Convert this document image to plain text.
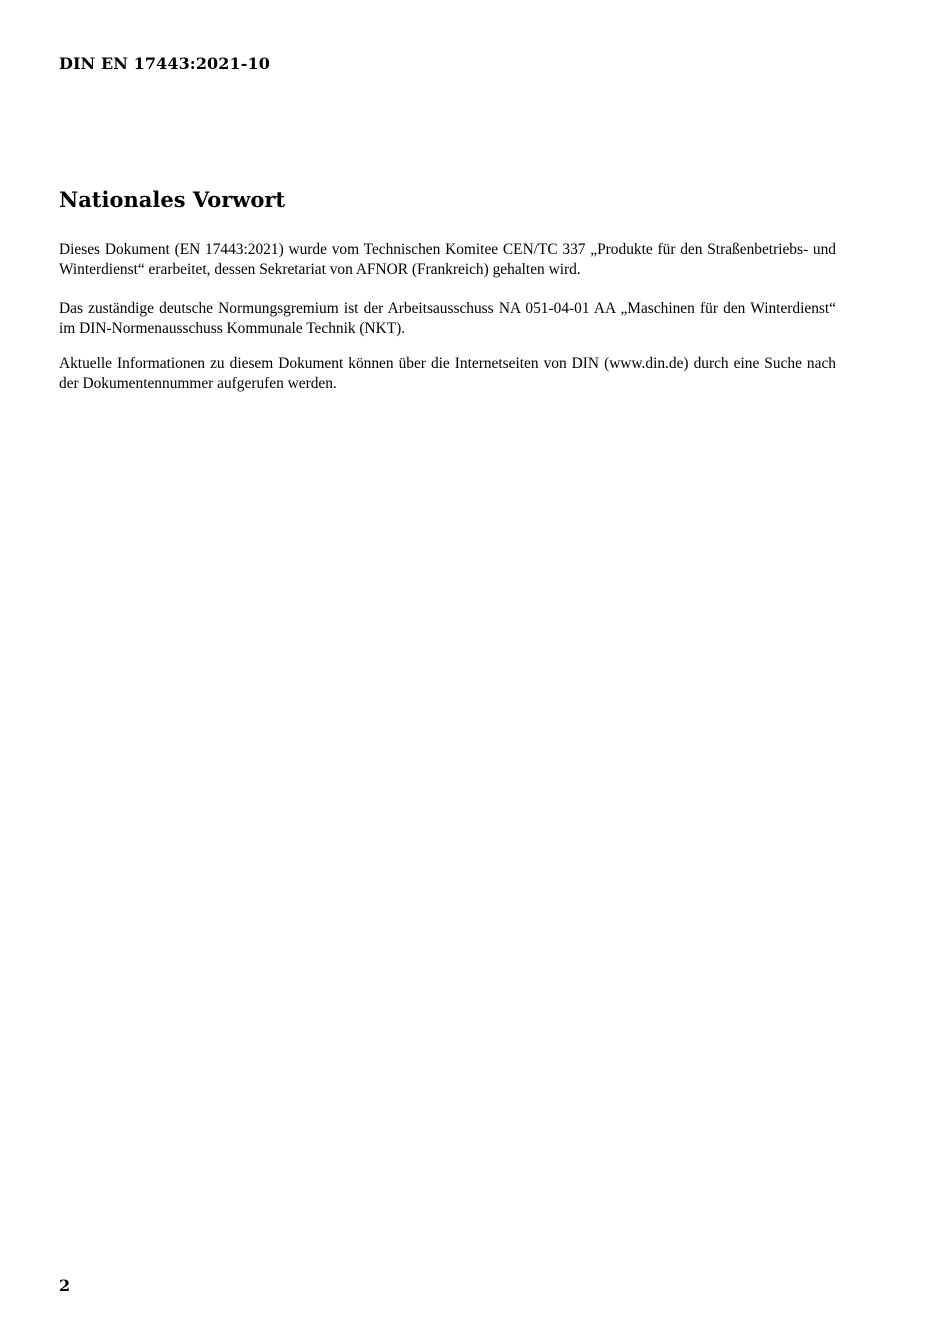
DIN EN 17443:2021-10
Nationales Vorwort

Dieses Dokument (EN 17443:2021) wurde vom Technischen Komitee CEN/TC 337 „Produkte für den Straßenbetriebs- und Winterdienst“ erarbeitet, dessen Sekretariat von AFNOR (Frankreich) gehalten wird.

Das zuständige deutsche Normungsgremium ist der Arbeitsausschuss NA 051-04-01 AA „Maschinen für den Winterdienst“ im DIN-Normenausschuss Kommunale Technik (NKT).

Aktuelle Informationen zu diesem Dokument können über die Internetseiten von DIN (www.din.de) durch eine Suche nach der Dokumentennummer aufgerufen werden.

2
